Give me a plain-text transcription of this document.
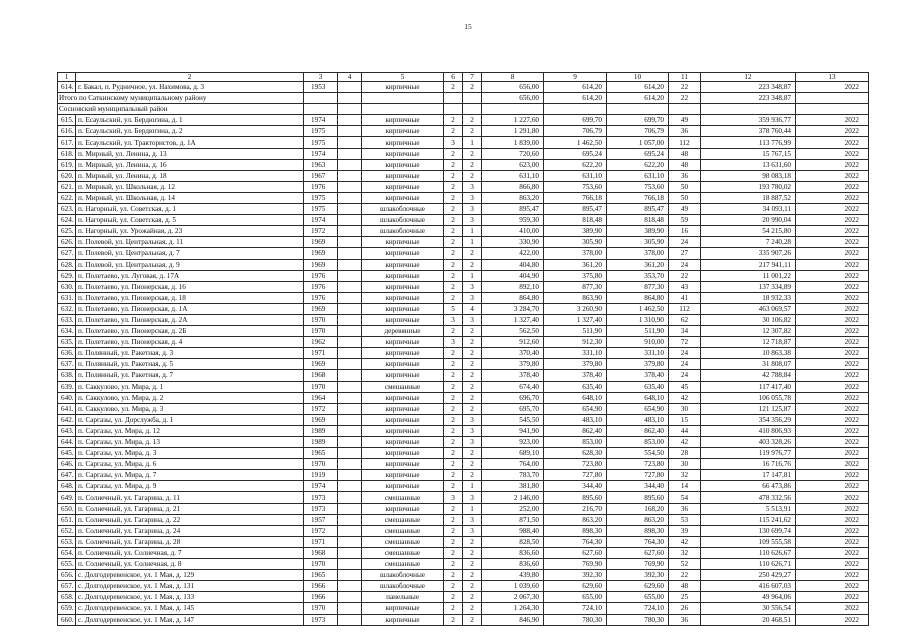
15
1	2	3	4	5	6	7	8	9	10	11	12	13
614.	г. Бакал, п. Рудничное, ул. Нахимова, д. 3	1953		кирпичные	2	2	656,00	614,20	614,20	22	223 348,87	2022
Итого по Саткинскому муниципальному району							656,00	614,20	614,20	22	223 348,87	
Сосновский муниципальный район												
615.	п. Есаульский, ул. Бердюгина, д. 1	1974		кирпичные	2	2	1 227,60	699,70	699,70	49	359 936,77	2022
616.	п. Есаульский, ул. Бердюгина, д. 2	1975		кирпичные	2	2	1 291,80	706,79	706,79	36	378 760,44	2022
617.	п. Есаульский, ул. Трактористов, д. 1А	1975		кирпичные	3	1	1 839,00	1 462,50	1 057,00	112	113 776,99	2022
618.	п. Мирный, ул. Ленина, д. 13	1974		кирпичные	2	2	720,60	695,24	695,24	48	15 767,15	2022
619.	п. Мирный, ул. Ленина, д. 16	1963		кирпичные	2	2	623,00	622,20	622,20	48	13 631,60	2022
620.	п. Мирный, ул. Ленина, д. 18	1967		кирпичные	2	2	631,10	631,10	631,10	36	98 083,18	2022
621.	п. Мирный, ул. Школьная, д. 12	1976		кирпичные	2	3	866,80	753,60	753,60	50	193 780,02	2022
622.	п. Мирный, ул. Школьная, д. 14	1975		кирпичные	2	3	863,20	766,18	766,18	50	18 887,52	2022
623.	п. Нагорный, ул. Советская, д. 1	1975		шлакоблочные	2	3	895,47	895,47	895,47	49	34 093,11	2022
624.	п. Нагорный, ул. Советская, д. 5	1974		шлакоблочные	2	3	959,30	818,48	818,48	59	20 990,04	2022
625.	п. Нагорный, ул. Урожайная, д. 23	1972		шлакоблочные	2	1	410,00	389,90	389,90	16	54 215,80	2022
626.	п. Полевой, ул. Центральная, д. 11	1969		кирпичные	2	1	330,90	305,90	305,90	24	7 240,28	2022
627.	п. Полевой, ул. Центральная, д. 7	1969		кирпичные	2	2	422,00	378,00	378,00	27	335 907,26	2022
628.	п. Полевой, ул. Центральная, д. 9	1969		кирпичные	2	2	404,80	361,20	361,20	24	217 941,11	2022
629.	п. Полетаево, ул. Луговая, д. 17А	1976		кирпичные	2	1	404,90	375,80	353,70	22	11 001,22	2022
630.	п. Полетаево, ул. Пионерская, д. 16	1976		кирпичные	2	3	892,10	877,30	877,30	43	137 334,89	2022
631.	п. Полетаево, ул. Пионерская, д. 18	1976		кирпичные	2	3	864,80	863,90	864,80	41	18 932,33	2022
632.	п. Полетаево, ул. Пионерская, д. 1А	1969		кирпичные	5	4	3 284,70	3 260,90	1 462,50	112	463 069,57	2022
633.	п. Полетаево, ул. Пионерская, д. 2А	1970		кирпичные	3	3	1 327,40	1 327,40	1 310,90	62	30 106,82	2022
634.	п. Полетаево, ул. Пионерская, д. 2Б	1970		деревянные	2	2	562,50	511,90	511,90	34	12 307,82	2022
635.	п. Полетаево, ул. Пионерская, д. 4	1962		кирпичные	3	2	912,60	912,30	910,00	72	12 718,87	2022
636.	п. Полянный, ул. Ракетная, д. 3	1971		кирпичные	2	2	370,40	331,10	331,10	24	10 863,38	2022
637.	п. Полянный, ул. Ракетная, д. 5	1969		кирпичные	2	2	379,80	379,80	379,80	24	31 808,07	2022
638.	п. Полянный, ул. Ракетная, д. 7	1968		кирпичные	2	2	378,40	378,40	378,40	24	42 788,84	2022
639.	п. Саккулово, ул. Мира, д. 1	1970		смешанные	2	2	674,40	635,40	635,40	45	117 417,40	2022
640.	п. Саккулово, ул. Мира, д. 2	1964		кирпичные	2	2	696,70	648,10	648,10	42	106 055,78	2022
641.	п. Саккулово, ул. Мира, д. 3	1972		кирпичные	2	2	695,70	654,90	654,90	30	121 125,87	2022
642.	п. Саргазы, ул. Дорслужба, д. 1	1969		кирпичные	2	3	545,50	483,10	483,10	15	354 356,29	2022
643.	п. Саргазы, ул. Мира, д. 12	1989		кирпичные	2	3	941,90	862,40	862,40	44	410 806,93	2022
644.	п. Саргазы, ул. Мира, д. 13	1989		кирпичные	2	3	923,00	853,00	853,00	42	403 328,26	2022
645.	п. Саргазы, ул. Мира, д. 3	1965		кирпичные	2	2	689,10	628,30	554,50	28	119 976,77	2022
646.	п. Саргазы, ул. Мира, д. 6	1970		кирпичные	2	2	764,00	723,80	723,80	30	16 716,76	2022
647.	п. Саргазы, ул. Мира, д. 7	1919		кирпичные	2	2	783,70	727,80	727,80	32	17 147,81	2022
648.	п. Саргазы, ул. Мира, д. 9	1974		кирпичные	2	1	381,80	344,40	344,40	14	66 473,86	2022
649.	п. Солнечный, ул. Гагарина, д. 11	1973		смешанные	3	3	2 146,00	895,60	895,60	54	478 332,56	2022
650.	п. Солнечный, ул. Гагарина, д. 21	1973		кирпичные	2	1	252,00	216,70	168,20	36	5 513,91	2022
651.	п. Солнечный, ул. Гагарина, д. 22	1957		смешанные	2	3	871,50	863,20	863,20	53	115 241,62	2022
652.	п. Солнечный, ул. Гагарина, д. 24	1972		смешанные	2	3	988,40	898,30	898,30	39	130 699,74	2022
653.	п. Солнечный, ул. Гагарина, д. 28	1971		смешанные	2	2	828,50	764,30	764,30	42	109 555,58	2022
654.	п. Солнечный, ул. Солнечная, д. 7	1968		смешанные	2	2	836,60	627,60	627,60	32	110 626,67	2022
655.	п. Солнечный, ул. Солнечная, д. 8	1970		смешанные	2	2	836,60	769,90	769,90	52	110 626,71	2022
656.	с. Долгодеревенское, ул. 1 Мая, д. 129	1965		шлакоблочные	2	2	439,80	392,30	392,30	22	250 429,27	2022
657.	с. Долгодеревенское, ул. 1 Мая, д. 131	1966		шлакоблочные	2	2	1 039,60	629,60	629,60	48	416 607,03	2022
658.	с. Долгодеревенское, ул. 1 Мая, д. 133	1966		панельные	2	2	2 067,30	655,00	655,00	25	49 964,06	2022
659.	с. Долгодеревенское, ул. 1 Мая, д. 145	1970		кирпичные	2	2	1 264,30	724,10	724,10	26	30 556,54	2022
660.	с. Долгодеревенское, ул. 1 Мая, д. 147	1973		кирпичные	2	2	846,90	780,30	780,30	36	20 468,51	2022
